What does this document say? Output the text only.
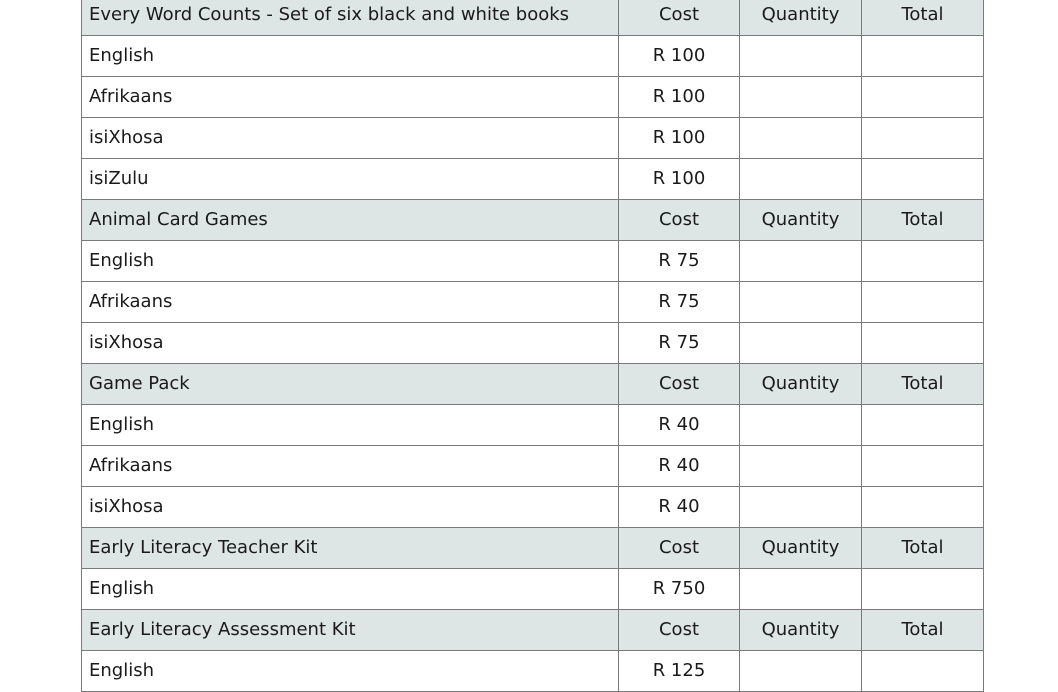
Every Word Counts - Set of six black and white books	Cost	Quantity	Total
English	R 100		
Afrikaans	R 100		
isiXhosa	R 100		
isiZulu	R 100		
Animal Card Games	Cost	Quantity	Total
English	R 75		
Afrikaans	R 75		
isiXhosa	R 75		
Game Pack	Cost	Quantity	Total
English	R 40		
Afrikaans	R 40		
isiXhosa	R 40		
Early Literacy Teacher Kit	Cost	Quantity	Total
English	R 750		
Early Literacy Assessment Kit	Cost	Quantity	Total
English	R 125		
